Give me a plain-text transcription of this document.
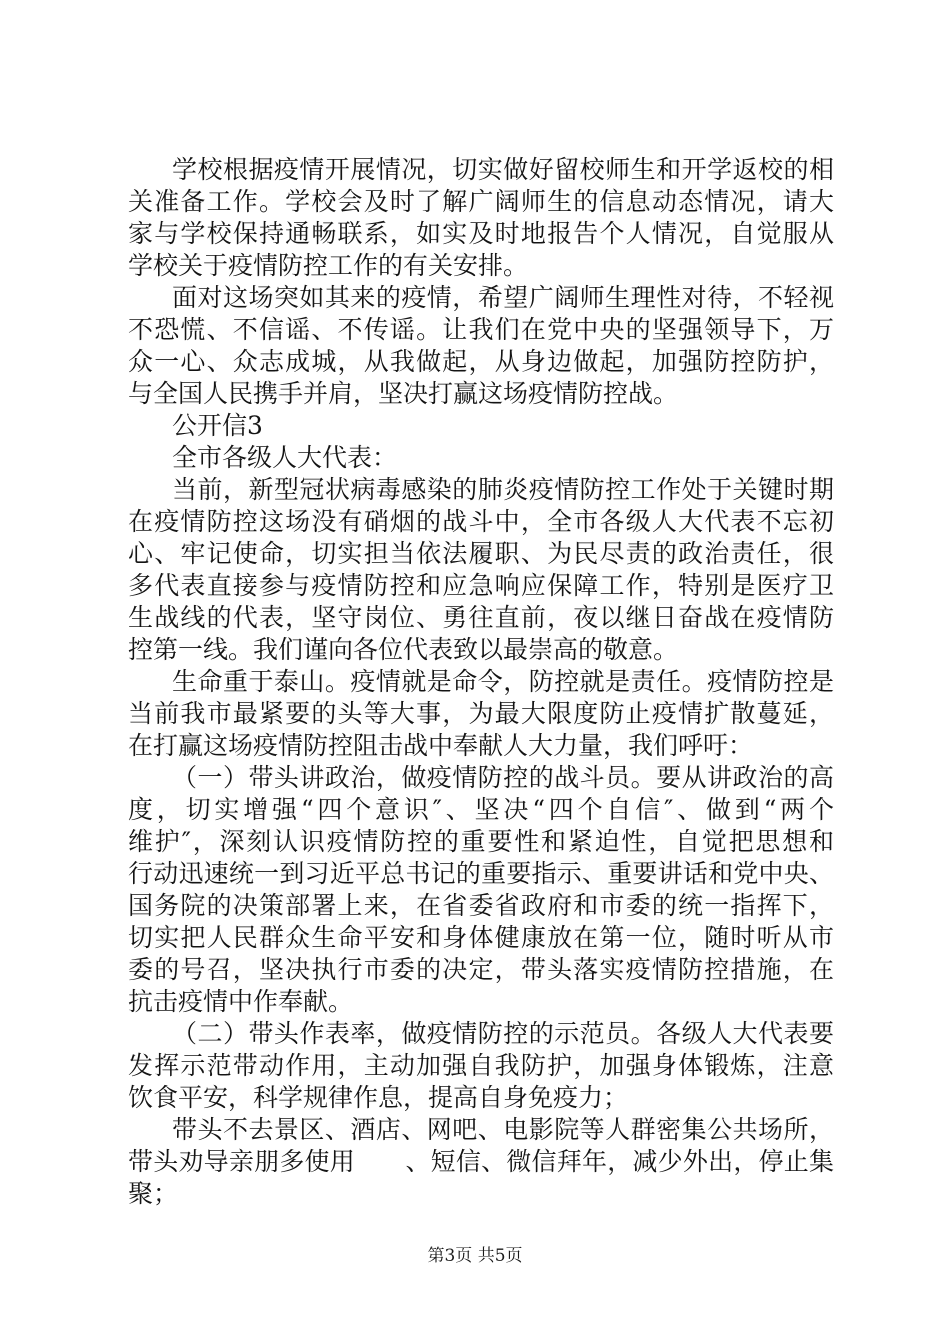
学校根据疫情开展情况，切实做好留校师生和开学返校的相
关准备工作。学校会及时了解广阔师生的信息动态情况，请大
家与学校保持通畅联系，如实及时地报告个人情况，自觉服从
学校关于疫情防控工作的有关安排。
面对这场突如其来的疫情，希望广阔师生理性对待，不轻视
不恐慌、不信谣、不传谣。让我们在党中央的坚强领导下，万
众一心、众志成城，从我做起，从身边做起，加强防控防护，
与全国人民携手并肩，坚决打赢这场疫情防控战。
公开信3
全市各级人大代表：
当前，新型冠状病毒感染的肺炎疫情防控工作处于关键时期
在疫情防控这场没有硝烟的战斗中，全市各级人大代表不忘初
心、牢记使命，切实担当依法履职、为民尽责的政治责任，很
多代表直接参与疫情防控和应急响应保障工作，特别是医疗卫
生战线的代表，坚守岗位、勇往直前，夜以继日奋战在疫情防
控第一线。我们谨向各位代表致以最崇高的敬意。
生命重于泰山。疫情就是命令，防控就是责任。疫情防控是
当前我市最紧要的头等大事，为最大限度防止疫情扩散蔓延，
在打赢这场疫情防控阻击战中奉献人大力量，我们呼吁：
（一）带头讲政治，做疫情防控的战斗员。要从讲政治的高
度，切实增强“四个意识″、坚决“四个自信″、做到“两个
维护″，深刻认识疫情防控的重要性和紧迫性，自觉把思想和
行动迅速统一到习近平总书记的重要指示、重要讲话和党中央、
国务院的决策部署上来，在省委省政府和市委的统一指挥下，
切实把人民群众生命平安和身体健康放在第一位，随时听从市
委的号召，坚决执行市委的决定，带头落实疫情防控措施，在
抗击疫情中作奉献。
（二）带头作表率，做疫情防控的示范员。各级人大代表要
发挥示范带动作用，主动加强自我防护，加强身体锻炼，注意
饮食平安，科学规律作息，提高自身免疫力；
带头不去景区、酒店、网吧、电影院等人群密集公共场所，
带头劝导亲朋多使用　　、短信、微信拜年，减少外出，停止集
聚；
第3页 共5页
